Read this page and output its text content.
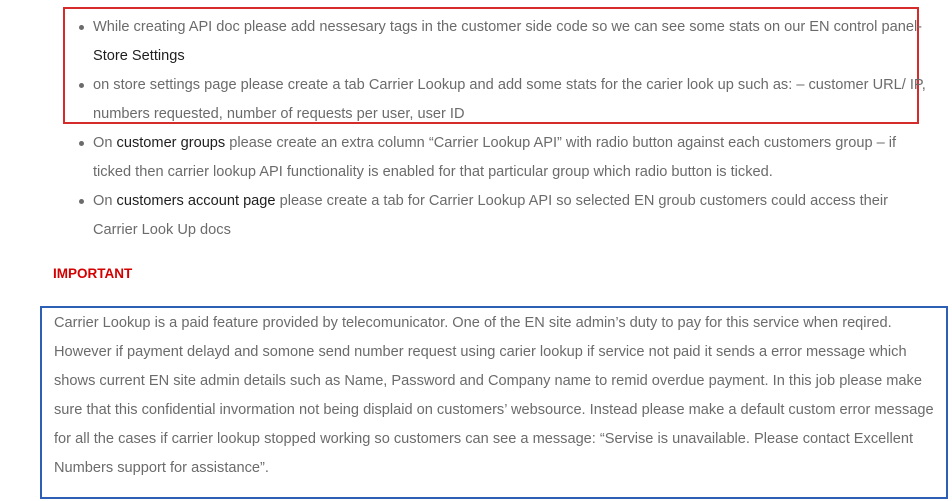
While creating API doc please add nessesary tags in the customer side code so we can see some stats on our EN control panel-Store Settings
on store settings page please create a tab Carrier Lookup and add some stats for the carier look up such as: – customer URL/ IP, numbers requested, number of requests per user, user ID
On customer groups please create an extra column “Carrier Lookup API” with radio button against each customers group – if ticked then carrier lookup API functionality is enabled for that particular group which radio button is ticked.
On customers account page please create a tab for Carrier Lookup API so selected EN groub customers could access their Carrier Look Up docs
IMPORTANT

Carrier Lookup is a paid feature provided by telecomunicator. One of the EN site admin’s duty to pay for this service when reqired. However if payment delayd and somone send number request using carier lookup if service not paid it sends a error message which shows current EN site admin details such as Name, Password and Company name to remid overdue payment. In this job please make sure that this confidential invormation not being displaid on customers’ websource. Instead please make a default custom error message for all the cases if carrier lookup stopped working so customers can see a message: “Servise is unavailable. Please contact Excellent Numbers support for assistance”.
